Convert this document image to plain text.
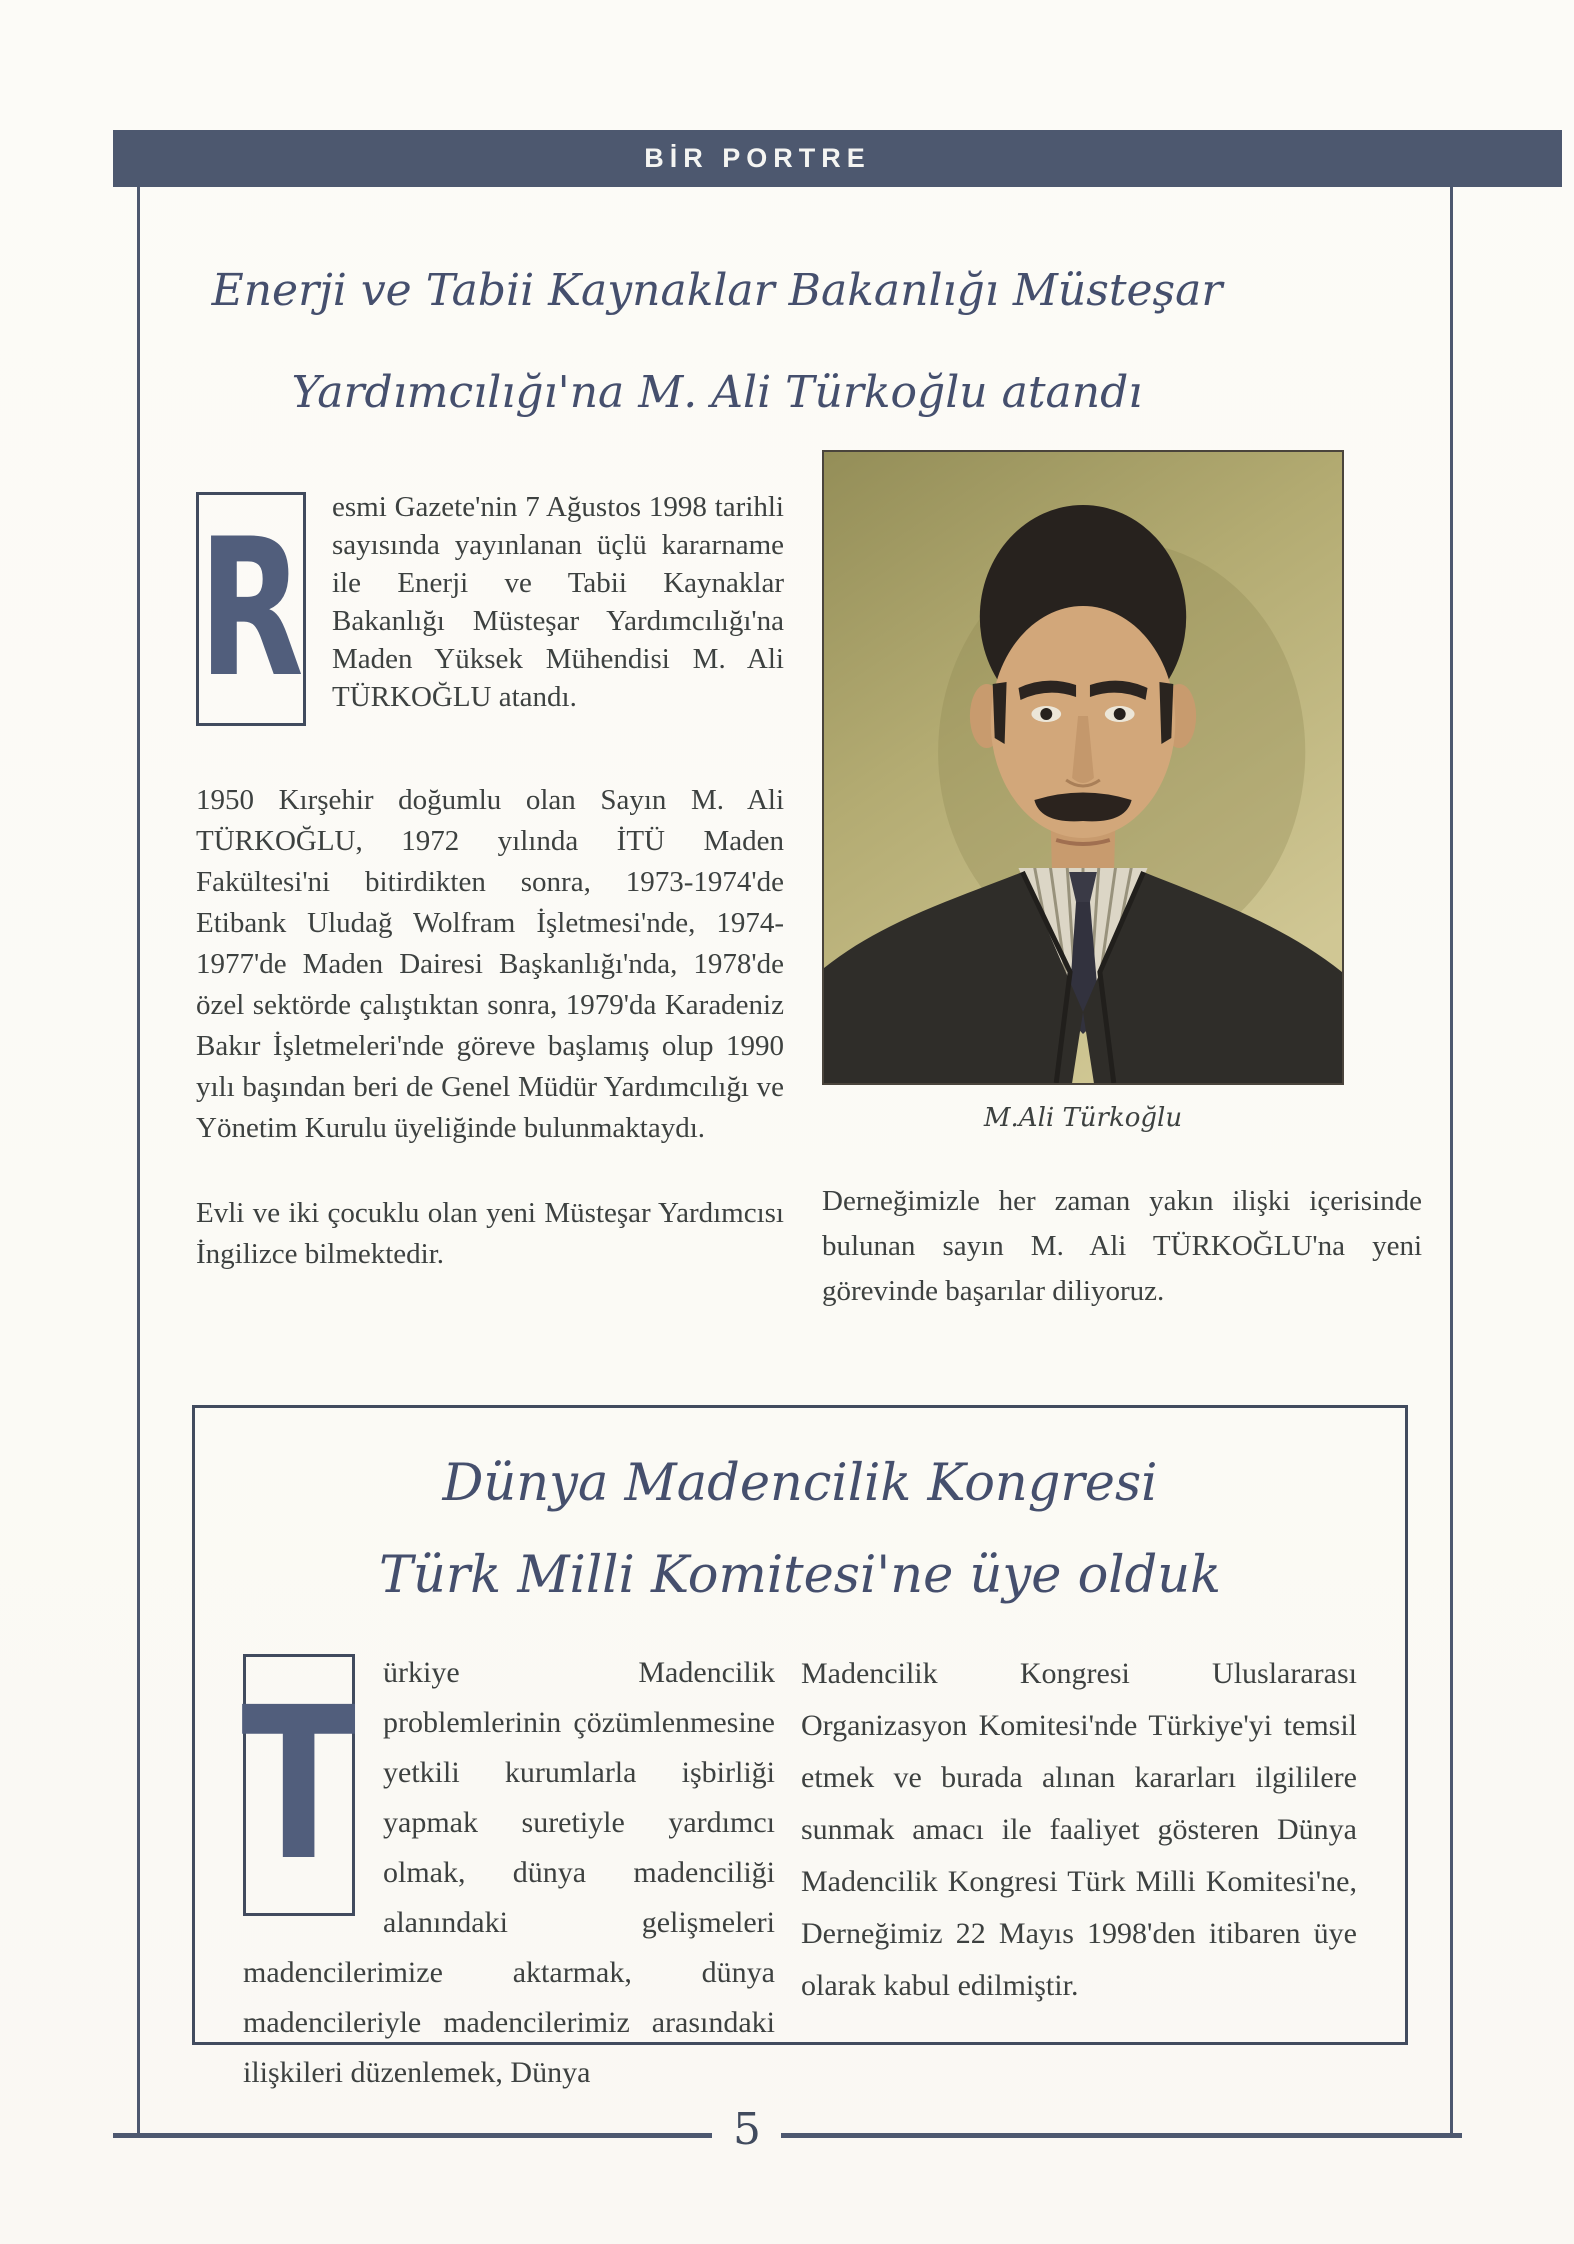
BİR PORTRE
Enerji ve Tabii Kaynaklar Bakanlığı Müsteşar
Yardımcılığı'na M. Ali Türkoğlu atandı
R esmi Gazete'nin 7 Ağustos 1998 tarihli sayısında yayınlanan üçlü kararname ile Enerji ve Tabii Kaynaklar Bakanlığı Müsteşar Yardımcılığı'na Maden Yüksek Mühendisi M. Ali TÜRKOĞLU atandı.

1950 Kırşehir doğumlu olan Sayın M. Ali TÜRKOĞLU, 1972 yılında İTÜ Maden Fakültesi'ni bitirdikten sonra, 1973-1974'de Etibank Uludağ Wolfram İşletmesi'nde, 1974-1977'de Maden Dairesi Başkanlığı'nda, 1978'de özel sektörde çalıştıktan sonra, 1979'da Karadeniz Bakır İşletmeleri'nde göreve başlamış olup 1990 yılı başından beri de Genel Müdür Yardımcılığı ve Yönetim Kurulu üyeliğinde bulunmaktaydı.

Evli ve iki çocuklu olan yeni Müsteşar Yardımcısı İngilizce bilmektedir.

M.Ali Türkoğlu

Derneğimizle her zaman yakın ilişki içerisinde bulunan sayın M. Ali TÜRKOĞLU'na yeni görevinde başarılar diliyoruz.

Dünya Madencilik Kongresi
Türk Milli Komitesi'ne üye olduk
T ürkiye Madencilik problemlerinin çözümlenmesine yetkili kurumlarla işbirliği yapmak suretiyle yardımcı olmak, dünya madenciliği alanındaki gelişmeleri madencilerimize aktarmak, dünya madencileriyle madencilerimiz arasındaki ilişkileri düzenlemek, Dünya
Madencilik Kongresi Uluslararası Organizasyon Komitesi'nde Türkiye'yi temsil etmek ve burada alınan kararları ilgililere sunmak amacı ile faaliyet gösteren Dünya Madencilik Kongresi Türk Milli Komitesi'ne, Derneğimiz 22 Mayıs 1998'den itibaren üye olarak kabul edilmiştir.
5
